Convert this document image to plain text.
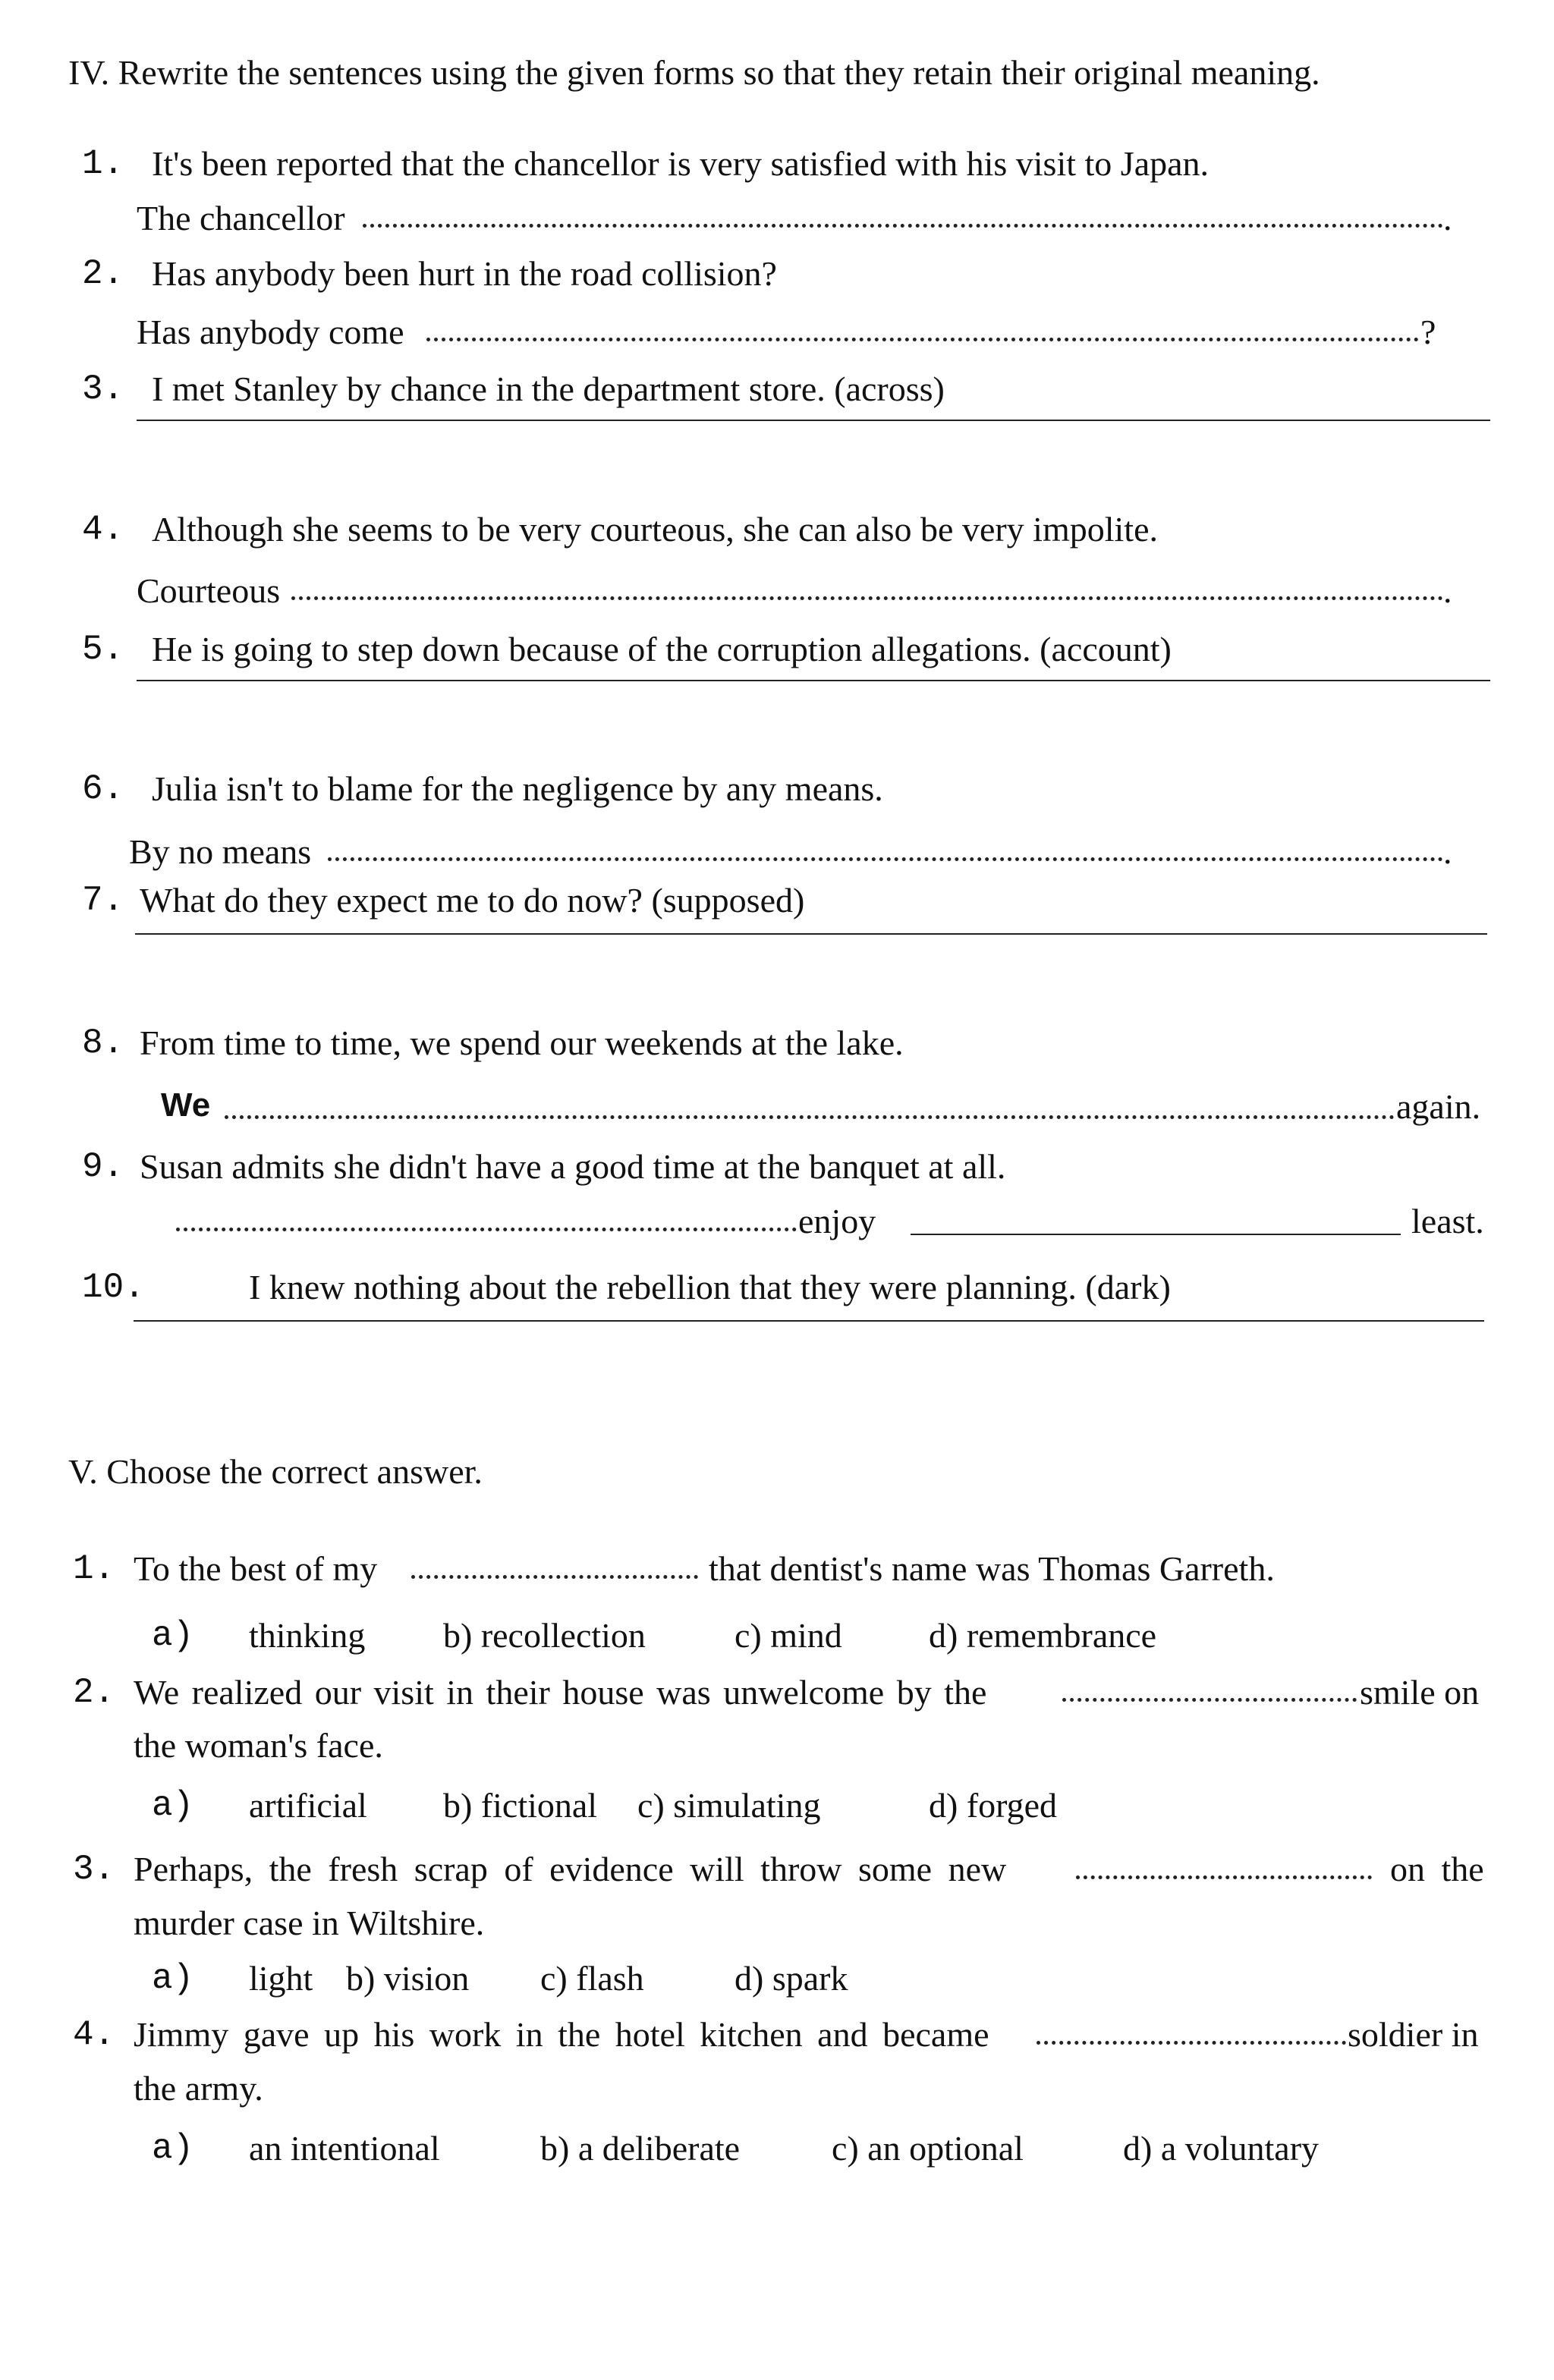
IV. Rewrite the sentences using the given forms so that they retain their original meaning.
1. It's been reported that the chancellor is very satisfied with his visit to Japan.
The chancellor	.
2. Has anybody been hurt in the road collision?
Has anybody come	?
3. I met Stanley by chance in the department store. (across)
4. Although she seems to be very courteous, she can also be very impolite.
Courteous	.
5. He is going to step down because of the corruption allegations. (account)
6. Julia isn't to blame for the negligence by any means.
By no means	.
7. What do they expect me to do now? (supposed)
8. From time to time, we spend our weekends at the lake.
We	again.
9. Susan admits she didn't have a good time at the banquet at all.
enjoy	least.
10.	I knew nothing about the rebellion that they were planning. (dark)
V. Choose the correct answer.
1. To the best of my	that dentist's name was Thomas Garreth.
a) thinking b) recollection	c) mind d) remembrance
2. We realized our visit in their house was unwelcome by the	smile on
the woman's face.
a) artificial b) fictional c) simulating	d) forged
3. Perhaps, the fresh scrap of evidence will throw some new	on the
murder case in Wiltshire.
a) light b) vision c) flash	d) spark
4. Jimmy gave up his work in the hotel kitchen and became	soldier in
the army.
a) an intentional	b) a deliberate	c) an optional	d) a voluntary
